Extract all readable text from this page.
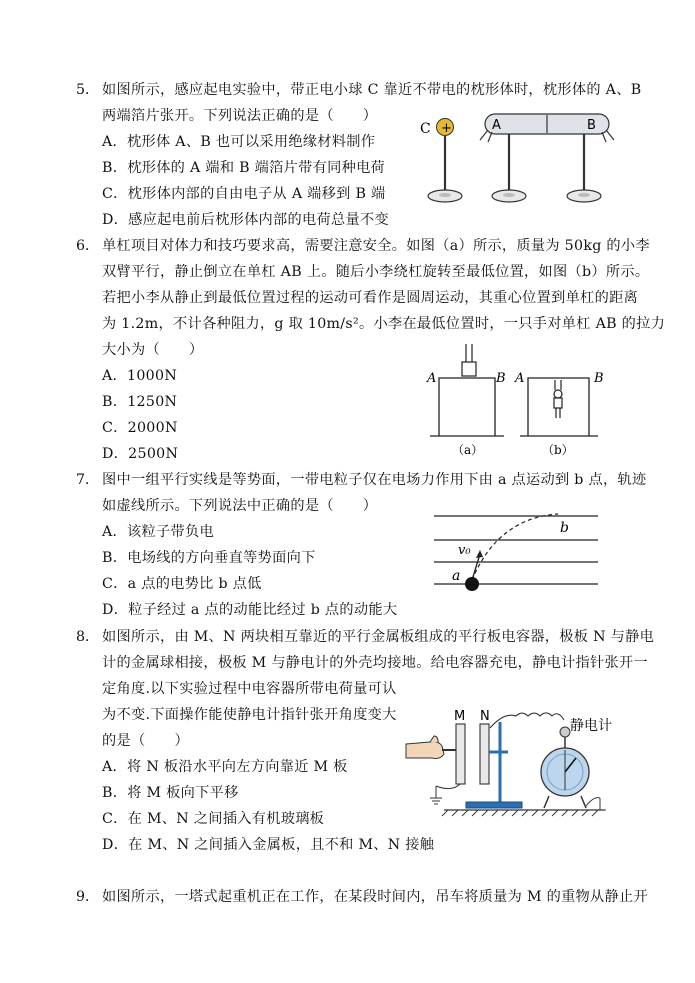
5． 如图所示，感应起电实验中，带正电小球 C 靠近不带电的枕形体时，枕形体的 A、B
两端箔片张开。下列说法正确的是（　　）
A．枕形体 A、B 也可以采用绝缘材料制作
B．枕形体的 A 端和 B 端箔片带有同种电荷
C．枕形体内部的自由电子从 A 端移到 B 端
D．感应起电前后枕形体内部的电荷总量不变
C +	A	B
6． 单杠项目对体力和技巧要求高，需要注意安全。如图（a）所示，质量为 50kg 的小李
双臂平行，静止倒立在单杠 AB 上。随后小李绕杠旋转至最低位置，如图（b）所示。
若把小李从静止到最低位置过程的运动可看作是圆周运动，其重心位置到单杠的距离
为 1.2m，不计各种阻力，g 取 10m/s²。小李在最低位置时，一只手对单杠 AB 的拉力
大小为（　　）
A．1000N
B．1250N
C．2000N
D．2500N
A	B A	B
（a）	（b）
7． 图中一组平行实线是等势面，一带电粒子仅在电场力作用下由 a 点运动到 b 点，轨迹
如虚线所示。下列说法中正确的是（　　）
A．该粒子带负电
B．电场线的方向垂直等势面向下
C．a 点的电势比 b 点低
D．粒子经过 a 点的动能比经过 b 点的动能大
b
v₀
a
8． 如图所示，由 M、N 两块相互靠近的平行金属板组成的平行板电容器，极板 N 与静电
计的金属球相接，极板 M 与静电计的外壳均接地。给电容器充电，静电计指针张开一
定角度.以下实验过程中电容器所带电荷量可认
为不变.下面操作能使静电计指针张开角度变大
的是（　　）
A．将 N 板沿水平向左方向靠近 M 板
B．将 M 板向下平移
C．在 M、N 之间插入有机玻璃板
D．在 M、N 之间插入金属板，且不和 M、N 接触
M N
静电计
9． 如图所示，一塔式起重机正在工作，在某段时间内，吊车将质量为 M 的重物从静止开
